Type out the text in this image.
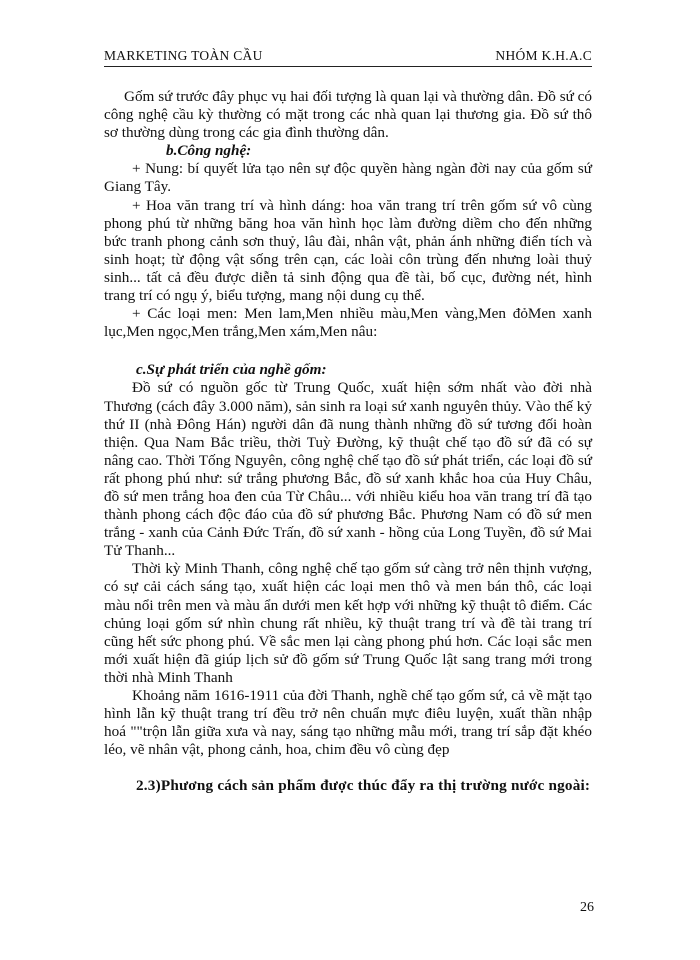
MARKETING TOÀN CẦU	NHÓM K.H.A.C

Gốm sứ trước đây phục vụ hai đối tượng là quan lại và thường dân. Đồ sứ có công nghệ cầu kỳ thường có mặt trong các nhà quan lại thương gia. Đồ sứ thô sơ thường dùng trong các gia đình thường dân.

b.Công nghệ:

+ Nung: bí quyết lửa tạo nên sự độc quyền hàng ngàn đời nay của gốm sứ Giang Tây.

+ Hoa văn trang trí và hình dáng: hoa văn trang trí trên gốm sứ vô cùng phong phú từ những băng hoa văn hình học làm đường diềm cho đến những bức tranh phong cảnh sơn thuỷ, lâu đài, nhân vật, phản ánh những điển tích và sinh hoạt; từ động vật sống trên cạn, các loài côn trùng đến nhưng loài thuỷ sinh... tất cả đều được diễn tả sinh động qua đề tài, bố cục, đường nét, hình trang trí có ngụ ý, biểu tượng, mang nội dung cụ thể.

+ Các loại men: Men lam,Men nhiều màu,Men vàng,Men đỏMen xanh lục,Men ngọc,Men trắng,Men xám,Men nâu:

c.Sự phát triển của nghề gốm:

Đồ sứ có nguồn gốc từ Trung Quốc, xuất hiện sớm nhất vào đời nhà Thương (cách đây 3.000 năm), sản sinh ra loại sứ xanh nguyên thủy. Vào thế kỷ thứ II (nhà Đông Hán) người dân đã nung thành những đồ sứ tương đối hoàn thiện. Qua Nam Bắc triều, thời Tuỳ Đường, kỹ thuật chế tạo đồ sứ đã có sự nâng cao. Thời Tống Nguyên, công nghệ chế tạo đồ sứ phát triển, các loại đồ sứ rất phong phú như: sứ trắng phương Bắc, đồ sứ xanh khắc hoa của Huy Châu, đồ sứ men trắng hoa đen của Từ Châu... với nhiều kiểu hoa văn trang trí đã tạo thành phong cách độc đáo của đồ sứ phương Bắc. Phương Nam có đồ sứ men trắng - xanh của Cảnh Đức Trấn, đồ sứ xanh - hồng của Long Tuyền, đồ sứ Mai Tử Thanh...

Thời kỳ Minh Thanh, công nghệ chế tạo gốm sứ càng trở nên thịnh vượng, có sự cải cách sáng tạo, xuất hiện các loại men thô và men bán thô, các loại màu nổi trên men và màu ẩn dưới men kết hợp với những kỹ thuật tô điểm. Các chủng loại gốm sứ nhìn chung rất nhiều, kỹ thuật trang trí và đề tài trang trí cũng hết sức phong phú. Về sắc men lại càng phong phú hơn. Các loại sắc men mới xuất hiện đã giúp lịch sử đồ gốm sứ Trung Quốc lật sang trang mới trong thời nhà Minh Thanh

Khoảng năm 1616-1911 của đời Thanh, nghề chế tạo gốm sứ, cả về mặt tạo hình lẫn kỹ thuật trang trí đều trở nên chuẩn mực điêu luyện, xuất thần nhập hoá ""trộn lẫn giữa xưa và nay, sáng tạo những mẫu mới, trang trí sắp đặt khéo léo, vẽ nhân vật, phong cảnh, hoa, chim đều vô cùng đẹp

2.3)Phương cách sản phẩm được thúc đẩy ra thị trường nước ngoài:

26
